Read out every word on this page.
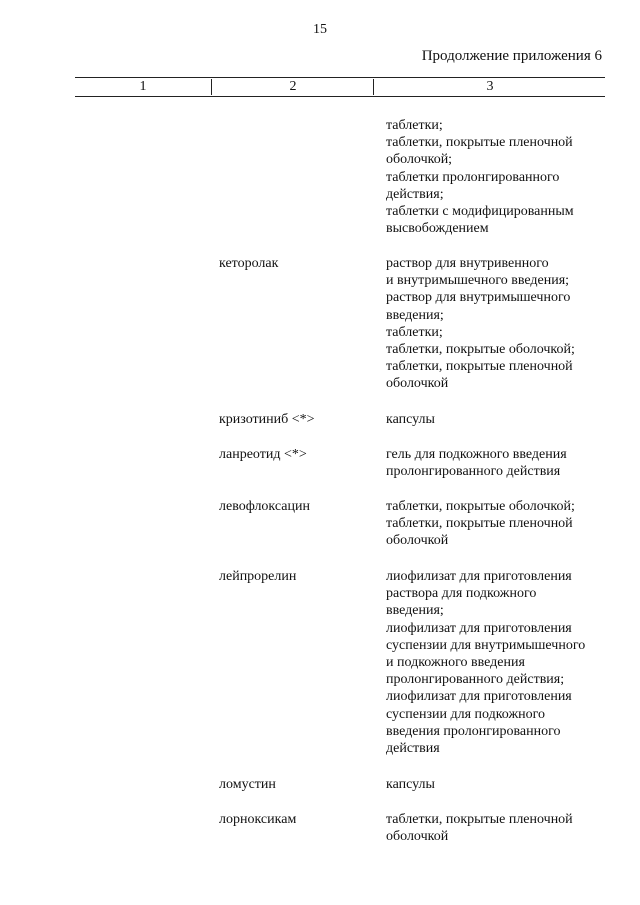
15
Продолжение приложения 6
1	2	3
таблетки;
таблетки, покрытые пленочной
оболочкой;
таблетки пролонгированного
действия;
таблетки с модифицированным
высвобождением
кеторолак	раствор для внутривенного
и внутримышечного введения;
раствор для внутримышечного
введения;
таблетки;
таблетки, покрытые оболочкой;
таблетки, покрытые пленочной
оболочкой
кризотиниб <*>	капсулы
ланреотид <*>	гель для подкожного введения
пролонгированного действия
левофлоксацин	таблетки, покрытые оболочкой;
таблетки, покрытые пленочной
оболочкой
лейпрорелин	лиофилизат для приготовления
раствора для подкожного
введения;
лиофилизат для приготовления
суспензии для внутримышечного
и подкожного введения
пролонгированного действия;
лиофилизат для приготовления
суспензии для подкожного
введения пролонгированного
действия
ломустин	капсулы
лорноксикам	таблетки, покрытые пленочной
оболочкой
